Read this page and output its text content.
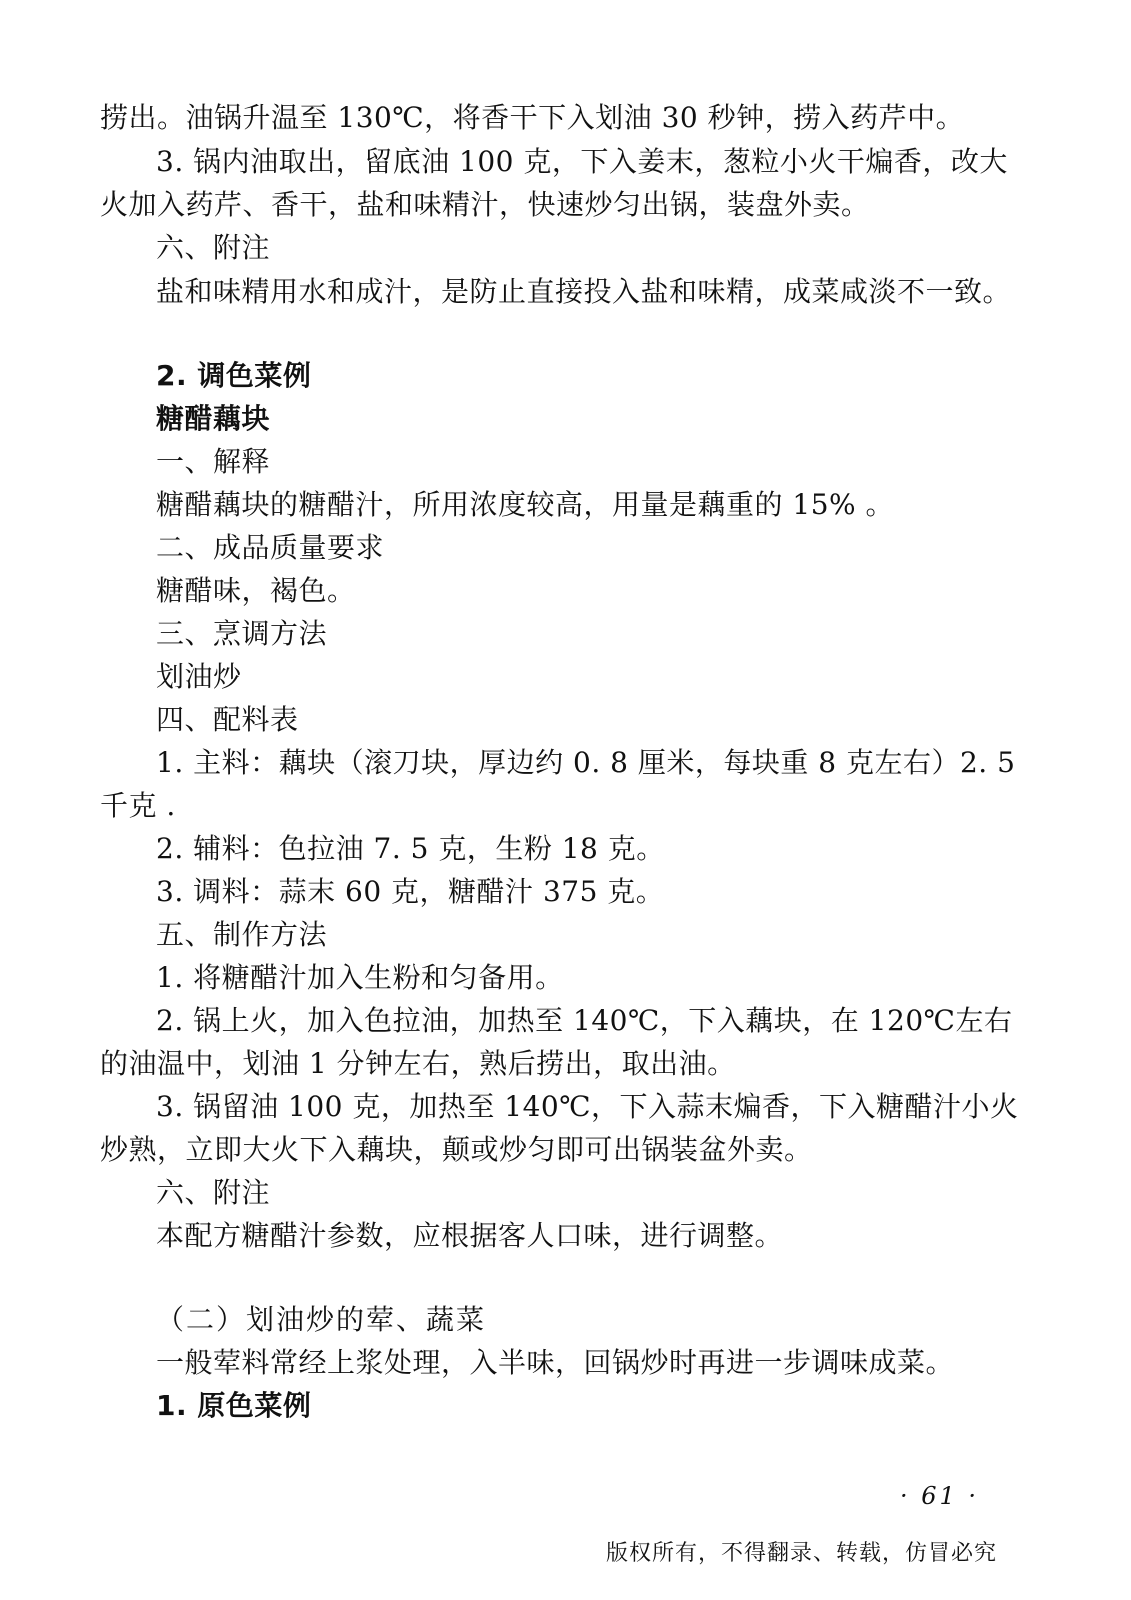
捞出。油锅升温至 130℃，将香干下入划油 30 秒钟，捞入药芹中。

3. 锅内油取出，留底油 100 克，下入姜末，葱粒小火干煸香，改大火加入药芹、香干，盐和味精汁，快速炒匀出锅，装盘外卖。

六、附注

盐和味精用水和成汁，是防止直接投入盐和味精，成菜咸淡不一致。

2. 调色菜例

糖醋藕块

一、解释

糖醋藕块的糖醋汁，所用浓度较高，用量是藕重的 15% 。

二、成品质量要求

糖醋味，褐色。

三、烹调方法

划油炒

四、配料表

1. 主料：藕块（滚刀块，厚边约 0. 8 厘米，每块重 8 克左右）2. 5 千克 .

2. 辅料：色拉油 7. 5 克，生粉 18 克。

3. 调料：蒜末 60 克，糖醋汁 375 克。

五、制作方法

1. 将糖醋汁加入生粉和匀备用。

2. 锅上火，加入色拉油，加热至 140℃，下入藕块，在 120℃左右的油温中，划油 1 分钟左右，熟后捞出，取出油。

3. 锅留油 100 克，加热至 140℃，下入蒜末煸香，下入糖醋汁小火炒熟，立即大火下入藕块，颠或炒匀即可出锅装盆外卖。

六、附注

本配方糖醋汁参数，应根据客人口味，进行调整。

（二）划油炒的荤、蔬菜

一般荤料常经上浆处理，入半味，回锅炒时再进一步调味成菜。

1. 原色菜例

· 61 ·
版权所有，不得翻录、转载，仿冒必究
